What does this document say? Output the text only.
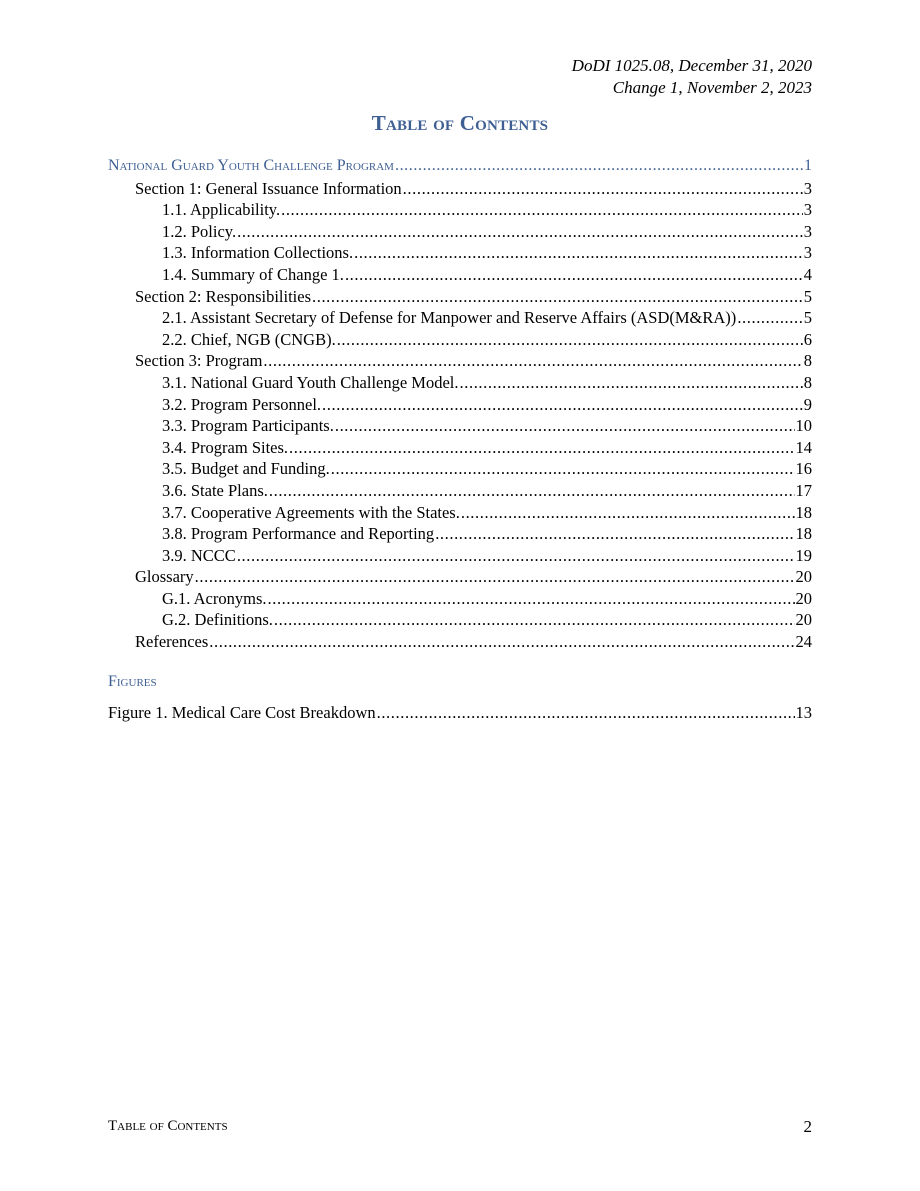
DoDI 1025.08, December 31, 2020
Change 1, November 2, 2023
Table of Contents
National Guard Youth Challenge Program .....	1
Section 1: General Issuance Information .....	3
1.1. Applicability. .....	3
1.2. Policy. .....	3
1.3. Information Collections. .....	3
1.4. Summary of Change 1. .....	4
Section 2: Responsibilities .....	5
2.1. Assistant Secretary of Defense for Manpower and Reserve Affairs (ASD(M&RA)) .....	5
2.2. Chief, NGB (CNGB). .....	6
Section 3: Program .....	8
3.1. National Guard Youth Challenge Model. .....	8
3.2. Program Personnel. .....	9
3.3. Program Participants. .....	10
3.4. Program Sites. .....	14
3.5. Budget and Funding. .....	16
3.6. State Plans. .....	17
3.7. Cooperative Agreements with the States. .....	18
3.8. Program Performance and Reporting .....	18
3.9. NCCC .....	19
Glossary .....	20
G.1. Acronyms. .....	20
G.2. Definitions. .....	20
References .....	24
Figures
Figure 1. Medical Care Cost Breakdown .....	13
Table of Contents	2
